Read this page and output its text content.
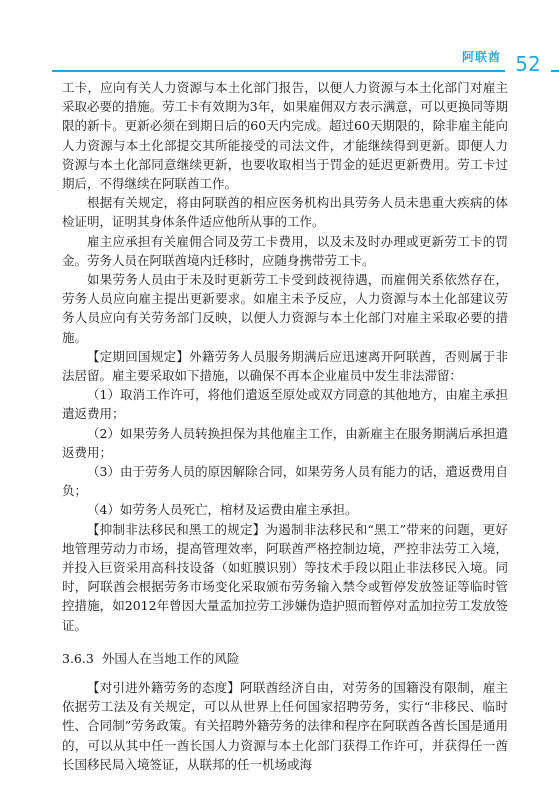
阿联酋 52

工卡，应向有关人力资源与本土化部门报告，以便人力资源与本土化部门对雇主采取必要的措施。劳工卡有效期为3年，如果雇佣双方表示满意，可以更换同等期限的新卡。更新必须在到期日后的60天内完成。超过60天期限的，除非雇主能向人力资源与本土化部提交其所能接受的司法文件，才能继续得到更新。即便人力资源与本土化部同意继续更新，也要收取相当于罚金的延迟更新费用。劳工卡过期后，不得继续在阿联酋工作。

根据有关规定，将由阿联酋的相应医务机构出具劳务人员未患重大疾病的体检证明，证明其身体条件适应他所从事的工作。

雇主应承担有关雇佣合同及劳工卡费用，以及未及时办理或更新劳工卡的罚金。劳务人员在阿联酋境内迁移时，应随身携带劳工卡。

如果劳务人员由于未及时更新劳工卡受到歧视待遇，而雇佣关系依然存在，劳务人员应向雇主提出更新要求。如雇主未予反应，人力资源与本土化部建议劳务人员应向有关劳务部门反映，以便人力资源与本土化部门对雇主采取必要的措施。

【定期回国规定】外籍劳务人员服务期满后应迅速离开阿联酋，否则属于非法居留。雇主要采取如下措施，以确保不再本企业雇员中发生非法滞留：

（1）取消工作许可，将他们遣返至原处或双方同意的其他地方，由雇主承担遣返费用；

（2）如果劳务人员转换担保为其他雇主工作，由新雇主在服务期满后承担遣返费用；

（3）由于劳务人员的原因解除合同，如果劳务人员有能力的话，遣返费用自负；

（4）如劳务人员死亡，棺材及运费由雇主承担。

【抑制非法移民和黑工的规定】为遏制非法移民和“黑工”带来的问题，更好地管理劳动力市场，提高管理效率，阿联酋严格控制边境，严控非法劳工入境，并投入巨资采用高科技设备（如虹膜识别）等技术手段以阻止非法移民入境。同时，阿联酋会根据劳务市场变化采取颁布劳务输入禁令或暂停发放签证等临时管控措施，如2012年曾因大量孟加拉劳工涉嫌伪造护照而暂停对孟加拉劳工发放签证。

3.6.3 外国人在当地工作的风险

【对引进外籍劳务的态度】阿联酋经济自由，对劳务的国籍没有限制，雇主依据劳工法及有关规定，可以从世界上任何国家招聘劳务，实行“非移民、临时性、合同制”劳务政策。有关招聘外籍劳务的法律和程序在阿联酋各酋长国是通用的，可以从其中任一酋长国人力资源与本土化部门获得工作许可，并获得任一酋长国移民局入境签证，从联邦的任一机场或海
